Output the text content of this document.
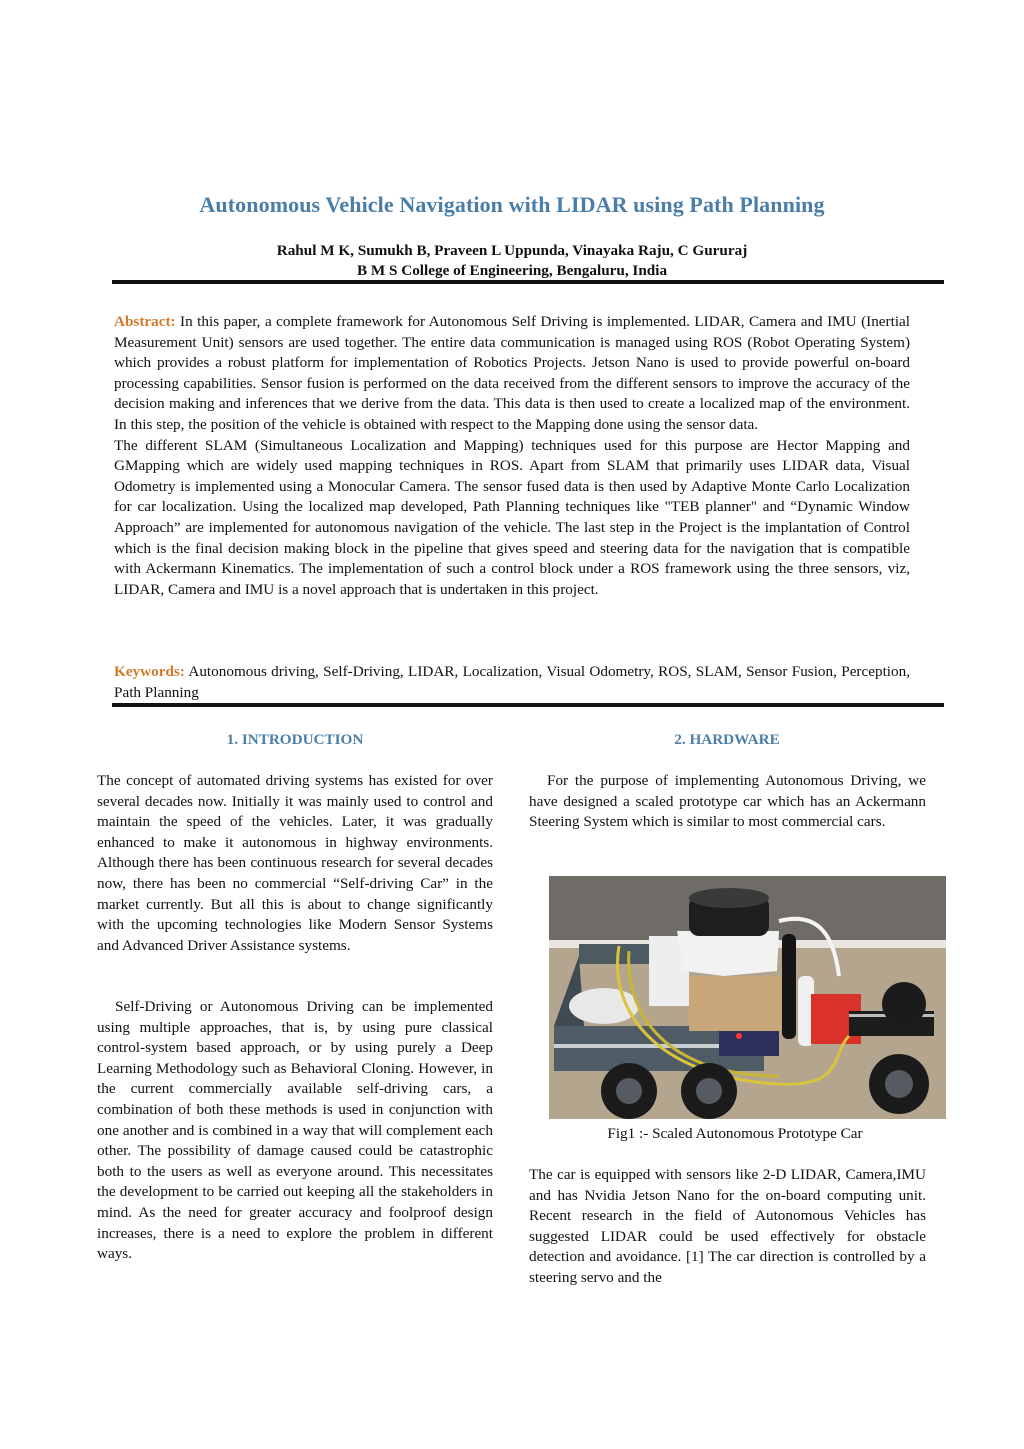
Autonomous Vehicle Navigation with LIDAR using Path Planning
Rahul M K, Sumukh B, Praveen L Uppunda, Vinayaka Raju, C Gururaj
B M S College of Engineering, Bengaluru, India

Abstract: In this paper, a complete framework for Autonomous Self Driving is implemented. LIDAR, Camera and IMU (Inertial Measurement Unit) sensors are used together. The entire data communication is managed using ROS (Robot Operating System) which provides a robust platform for implementation of Robotics Projects. Jetson Nano is used to provide powerful on-board processing capabilities. Sensor fusion is performed on the data received from the different sensors to improve the accuracy of the decision making and inferences that we derive from the data. This data is then used to create a localized map of the environment. In this step, the position of the vehicle is obtained with respect to the Mapping done using the sensor data.

The different SLAM (Simultaneous Localization and Mapping) techniques used for this purpose are Hector Mapping and GMapping which are widely used mapping techniques in ROS. Apart from SLAM that primarily uses LIDAR data, Visual Odometry is implemented using a Monocular Camera. The sensor fused data is then used by Adaptive Monte Carlo Localization for car localization. Using the localized map developed, Path Planning techniques like "TEB planner" and “Dynamic Window Approach” are implemented for autonomous navigation of the vehicle. The last step in the Project is the implantation of Control which is the final decision making block in the pipeline that gives speed and steering data for the navigation that is compatible with Ackermann Kinematics. The implementation of such a control block under a ROS framework using the three sensors, viz, LIDAR, Camera and IMU is a novel approach that is undertaken in this project.

Keywords: Autonomous driving, Self-Driving, LIDAR, Localization, Visual Odometry, ROS, SLAM, Sensor Fusion, Perception, Path Planning
1. INTRODUCTION
The concept of automated driving systems has existed for over several decades now. Initially it was mainly used to control and maintain the speed of the vehicles. Later, it was gradually enhanced to make it autonomous in highway environments. Although there has been continuous research for several decades now, there has been no commercial “Self-driving Car” in the market currently. But all this is about to change significantly with the upcoming technologies like Modern Sensor Systems and Advanced Driver Assistance systems.
Self-Driving or Autonomous Driving can be implemented using multiple approaches, that is, by using pure classical control-system based approach, or by using purely a Deep Learning Methodology such as Behavioral Cloning. However, in the current commercially available self-driving cars, a combination of both these methods is used in conjunction with one another and is combined in a way that will complement each other. The possibility of damage caused could be catastrophic both to the users as well as everyone around. This necessitates the development to be carried out keeping all the stakeholders in mind. As the need for greater accuracy and foolproof design increases, there is a need to explore the problem in different ways.
2. HARDWARE
For the purpose of implementing Autonomous Driving, we have designed a scaled prototype car which has an Ackermann Steering System which is similar to most commercial cars.
Fig1 :- Scaled Autonomous Prototype Car
The car is equipped with sensors like 2-D LIDAR, Camera,IMU and has Nvidia Jetson Nano for the on-board computing unit. Recent research in the field of Autonomous Vehicles has suggested LIDAR could be used effectively for obstacle detection and avoidance. [1] The car direction is controlled by a steering servo and the
